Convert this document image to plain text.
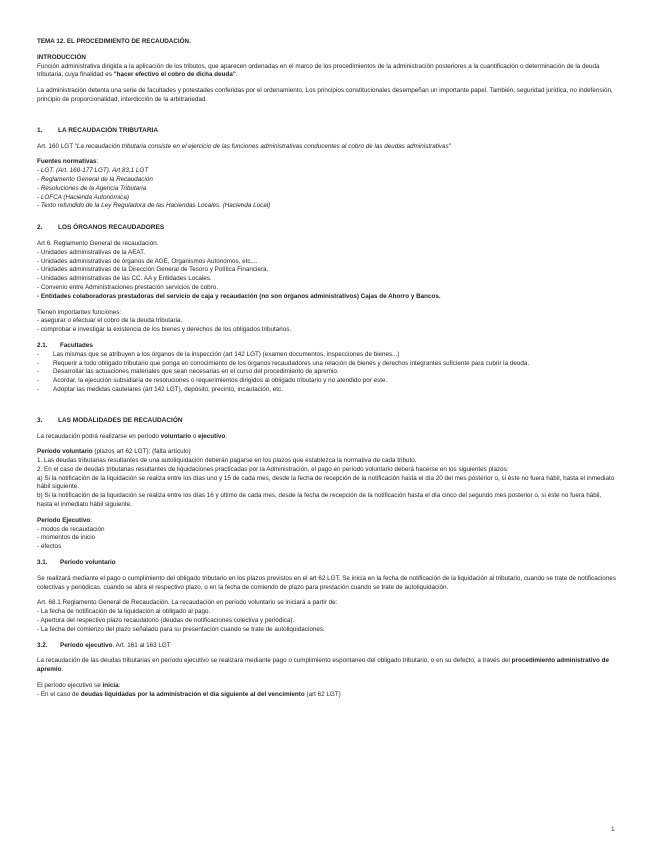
TEMA 12. EL PROCEDIMIENTO DE RECAUDACIÓN.
INTRODUCCIÓN

Función administrativa dirigida a la aplicación de los tributos, que aparecen ordenadas en el marco de los procedimientos de la administración posteriores a la cuantificación o determinación de la deuda tributaria, cuya finalidad es "hacer efectivo el cobro de dicha deuda".

La administración detenta una serie de facultades y potestades conferidas por el ordenamiento. Los principios constitucionales desempeñan un importante papel. También, seguridad jurídica, no indefensión, principio de proporcionalidad, interdicción de la arbitrariedad.

1. LA RECAUDACIÓN TRIBUTARIA

Art. 160 LGT "La recaudación tributaria consiste en el ejercicio de las funciones administrativas conducentes al cobro de las deudas administrativas"

Fuentes normativas:

- LGT. (Art. 160-177 LGT). Art 83.1 LGT

- Reglamento General de la Recaudación

- Resoluciones de la Agencia Tributaria

- LOFCA (Hacienda Autonómica)

- Texto refundido de la Ley Reguladora de las Haciendas Locales. (Hacienda Local)

2. LOS ÓRGANOS RECAUDADORES

Art 6. Reglamento General de recaudación.

- Unidades administrativas de la AEAT.

- Unidades administrativas de órganos de AGE, Organismos Autónomos, etc....

- Unidades administrativas de la Dirección General de Tesoro y Política Financiera.

- Unidades administrativas de las CC. AA y Entidades Locales.

- Convenio entre Administraciones prestación servicios de cobro.

- Entidades colaboradoras prestadoras del servicio de caja y recaudación (no son órganos administrativos) Cajas de Ahorro y Bancos.

Tienen importantes funciones:

- asegurar o efectuar el cobro de la deuda tributaria.

- comprobar e investigar la existencia de los bienes y derechos de los obligados tributarios.

2.1. Facultades

- Las mismas que se atribuyen a los órganos de la inspección (art 142 LGT) (examen documentos, inspecciones de bienes...)

- Requerir a todo obligado tributario que ponga en conocimiento de los órganos recaudadores una relación de bienes y derechos integrantes suficiente para cubrir la deuda.

- Desarrollar las actuaciones materiales que sean necesarias en el curso del procedimiento de apremio.

- Acordar, la ejecución subsidiaria de resoluciones o requerimientos dirigidos al obligado tributario y no atendido por este.

- Adoptar las medidas cautelares (art 142 LGT), depósito, precinto, incautación, etc.

3. LAS MODALIDADES DE RECAUDACIÓN

La recaudación podrá realizarse en período voluntario o ejecutivo.

Período voluntario (plazos art 62 LGT): (falta artículo)

1. Las deudas tributarias resultantes de una autoliquidación deberán pagarse en los plazos que establezca la normativa de cada tributo.

2. En el caso de deudas tributarias resultantes de liquidaciones practicadas por la Administración, el pago en período voluntario deberá hacerse en los siguientes plazos:

a) Si la notificación de la liquidación se realiza entre los días uno y 15 de cada mes, desde la fecha de recepción de la notificación hasta el día 20 del mes posterior o, si éste no fuera hábil, hasta el inmediato hábil siguiente.

b) Si la notificación de la liquidación se realiza entre los días 16 y último de cada mes, desde la fecha de recepción de la notificación hasta el día cinco del segundo mes posterior o, si éste no fuera hábil, hasta el inmediato hábil siguiente.

Período Ejecutivo:

- modos de recaudación

- momentos de inicio

- efectos

3.1. Período voluntario

Se realizará mediante el pago o cumplimiento del obligado tributario en los plazos previstos en el art 62 LGT. Se inicia en la fecha de notificación de la liquidación al tributario, cuando se trate de notificaciones colectivas y periódicas, cuando se abra el respectivo plazo, o en la fecha de comiendo de plazo para prestación cuando se trate de autoliquidación.

Art. 68.1 Reglamento General de Recaudación. La recaudación en período voluntario se iniciará a partir de:

- La fecha de notificación de la liquidación al obligado al pago.

- Apertura del respectivo plazo recaudatorio (deudas de notificaciones colectiva y periódica).

- La fecha del comienzo del plazo señalado para su presentación cuando se trate de autoliquidaciones.

3.2. Período ejecutivo. Art. 161 al 163 LGT

La recaudación de las deudas tributarias en período ejecutivo se realizará mediante pago o cumplimiento espontaneo del obligado tributario, o en su defecto, a través del procedimiento administrativo de apremio.

El período ejecutivo se inicia:

- En el caso de deudas liquidadas por la administración el día siguiente al del vencimiento (art 62 LGT)

1
